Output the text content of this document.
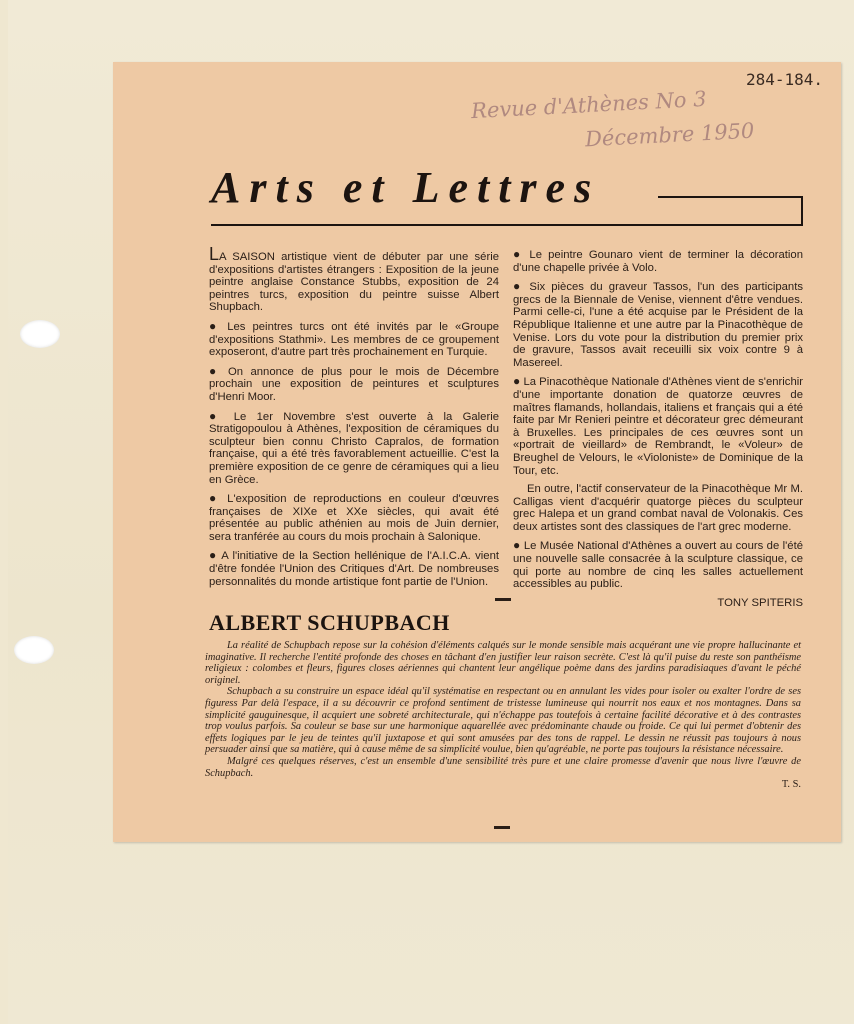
284-184.
Revue d'Athènes No 3
Décembre 1950
Arts et Lettres

LA SAISON artistique vient de débuter par une série d'expositions d'artistes étrangers : Exposition de la jeune peintre anglaise Constance Stubbs, exposition de 24 peintres turcs, exposition du peintre suisse Albert Shupbach.

● Les peintres turcs ont été invités par le «Groupe d'expositions Stathmi». Les membres de ce groupement exposeront, d'autre part très prochainement en Turquie.

● On annonce de plus pour le mois de Décembre prochain une exposition de peintures et sculptures d'Henri Moor.

● Le 1er Novembre s'est ouverte à la Galerie Stratigopoulou à Athènes, l'exposition de céramiques du sculpteur bien connu Christo Capralos, de formation française, qui a été très favorablement actueillie. C'est la première exposition de ce genre de céramiques qui a lieu en Grèce.

● L'exposition de reproductions en couleur d'œuvres françaises de XIXe et XXe siècles, qui avait été présentée au public athénien au mois de Juin dernier, sera tranférée au cours du mois prochain à Salonique.

● A l'initiative de la Section hellénique de l'A.I.C.A. vient d'être fondée l'Union des Critiques d'Art. De nombreuses personnalités du monde artistique font partie de l'Union.

● Le peintre Gounaro vient de terminer la décoration d'une chapelle privée à Volo.

● Six pièces du graveur Tassos, l'un des participants grecs de la Biennale de Venise, viennent d'être vendues. Parmi celle-ci, l'une a été acquise par le Président de la République Italienne et une autre par la Pinacothèque de Venise. Lors du vote pour la distribution du premier prix de gravure, Tassos avait receuilli six voix contre 9 à Masereel.

● La Pinacothèque Nationale d'Athènes vient de s'enrichir d'une importante donation de quatorze œuvres de maîtres flamands, hollandais, italiens et français qui a été faite par Mr Renieri peintre et décorateur grec démeurant à Bruxelles. Les principales de ces œuvres sont un «portrait de vieillard» de Rembrandt, le «Voleur» de Breughel de Velours, le «Violoniste» de Dominique de la Tour, etc.

En outre, l'actif conservateur de la Pinacothèque Mr M. Calligas vient d'acquérir quatorge pièces du sculpteur grec Halepa et un grand combat naval de Volonakis. Ces deux artistes sont des classiques de l'art grec moderne.

● Le Musée National d'Athènes a ouvert au cours de l'été une nouvelle salle consacrée à la sculpture classique, ce qui porte au nombre de cinq les salles actuellement accessibles au public.

TONY SPITERIS
ALBERT SCHUPBACH

La réalité de Schupbach repose sur la cohésion d'éléments calqués sur le monde sensible mais acquérant une vie propre hallucinante et imaginative. Il recherche l'entité profonde des choses en tâchant d'en justifier leur raison secrète. C'est là qu'il puise du reste son panthéisme religieux : colombes et fleurs, figures closes aériennes qui chantent leur angélique poème dans des jardins paradisiaques d'avant le péché originel.

Schupbach a su construire un espace idéal qu'il systématise en respectant ou en annulant les vides pour isoler ou exalter l'ordre de ses figuress Par delà l'espace, il a su découvrir ce profond sentiment de tristesse lumineuse qui nourrit nos eaux et nos montagnes. Dans sa simplicité gauguinesque, il acquiert une sobreté architecturale, qui n'échappe pas toutefois à certaine facilité décorative et à des contrastes trop voulus parfois. Sa couleur se base sur une harmonique aquarellée avec prédominante chaude ou froide. Ce qui lui permet d'obtenir des effets logiques par le jeu de teintes qu'il juxtapose et qui sont amusées par des tons de rappel. Le dessin ne réussit pas toujours à nous persuader ainsi que sa matière, qui à cause même de sa simplicité voulue, bien qu'agréable, ne porte pas toujours la résistance nécessaire.

Malgré ces quelques réserves, c'est un ensemble d'une sensibilité très pure et une claire promesse d'avenir que nous livre l'œuvre de Schupbach.

T. S.
